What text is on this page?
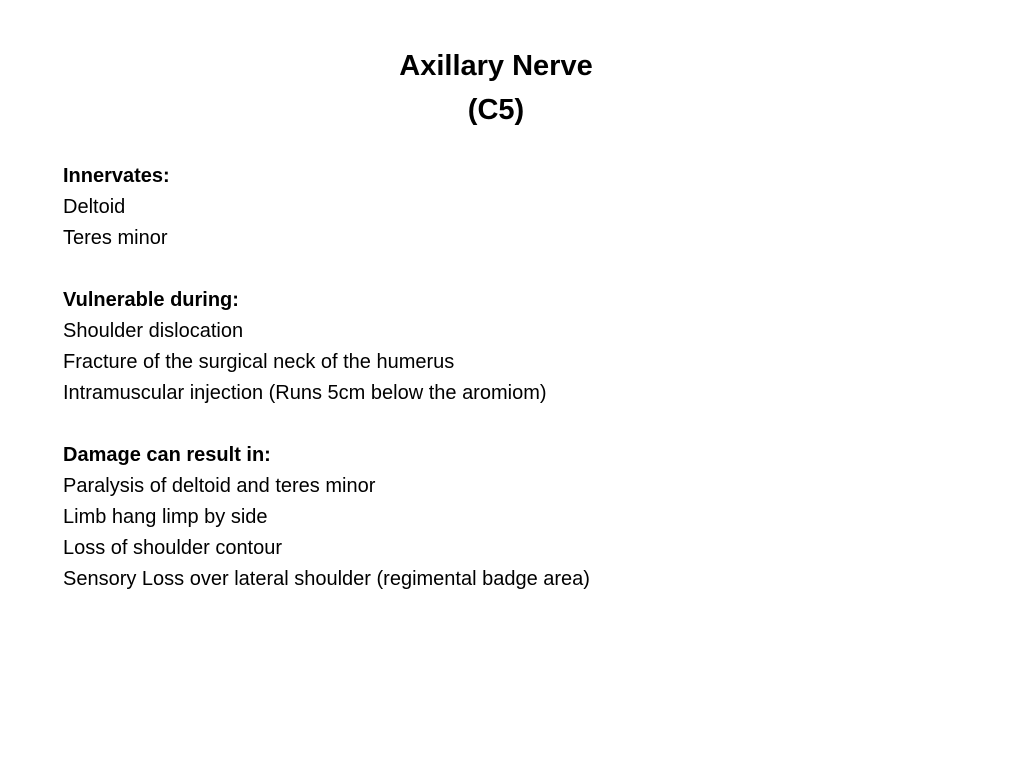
Axillary Nerve
(C5)
Innervates:
Deltoid
Teres minor
Vulnerable during:
Shoulder dislocation
Fracture of the surgical neck of the humerus
Intramuscular injection (Runs 5cm below the aromiom)
Damage can result in:
Paralysis of deltoid and teres minor
Limb hang limp by side
Loss of shoulder contour
Sensory Loss over lateral shoulder (regimental badge area)
